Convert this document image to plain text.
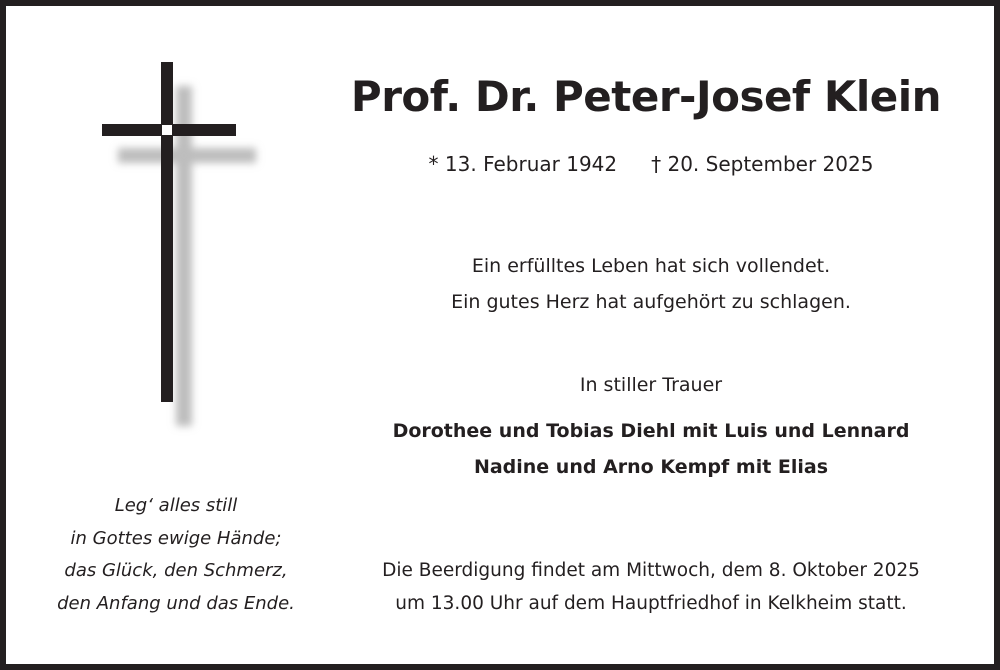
Prof. Dr. Peter-Josef Klein
* 13. Februar 1942 † 20. September 2025
Ein erfülltes Leben hat sich vollendet.
Ein gutes Herz hat aufgehört zu schlagen.
In stiller Trauer
Dorothee und Tobias Diehl mit Luis und Lennard
Nadine und Arno Kempf mit Elias
Die Beerdigung findet am Mittwoch, dem 8. Oktober 2025
um 13.00 Uhr auf dem Hauptfriedhof in Kelkheim statt.
Leg‘ alles still
in Gottes ewige Hände;
das Glück, den Schmerz,
den Anfang und das Ende.
